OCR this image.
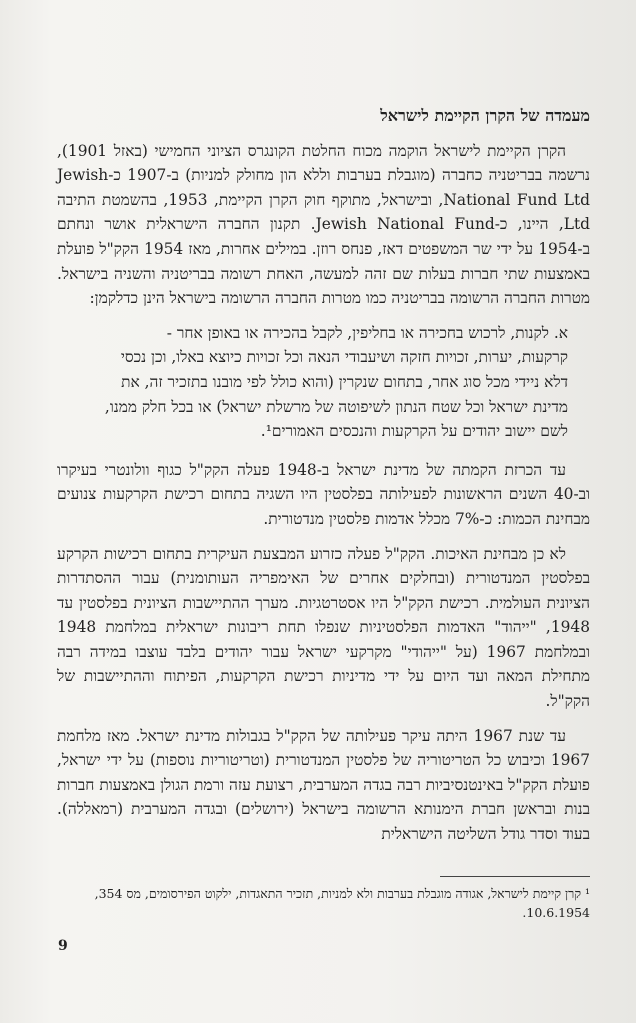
מעמדה של הקרן הקיימת לישראל

הקרן הקיימת לישראל הוקמה מכוח החלטת הקונגרס הציוני החמישי (באזל 1901), נרשמה בבריטניה כחברה (מוגבלת בערבות וללא הון מחולק למניות) ב-1907 כ-Jewish National Fund Ltd, ובישראל, מתוקף חוק הקרן הקיימת, 1953, בהשמטת התיבה Ltd, היינו, כ-Jewish National Fund. תקנון החברה הישראלית אושר ונחתם ב-1954 על ידי שר המשפטים דאז, פנחס רוזן. במילים אחרות, מאז 1954 הקק"ל פועלת באמצעות שתי חברות בעלות שם זהה למעשה, האחת רשומה בבריטניה והשניה בישראל. מטרות החברה הרשומה בבריטניה כמו מטרות החברה הרשומה בישראל הינן כדלקמן:

א. לקנות, לרכוש בחכירה או בחליפין, לקבל בהכירה או באופן אחר -
קרקעות, יערות, זכויות חזקה ושיעבודי הנאה וכל זכויות כיוצא באלו, וכן נכסי
דלא ניידי מכל סוג אחר, בתחום שנקרין (והוא כולל לפי מובנו בתזכיר זה, את
מדינת ישראל וכל שטח הנתון לשיפוטה של מרשלת ישראל) או בכל חלק ממנו,
לשם יישוב יהודים על הקרקעות והנכסים האמורים¹.

עד הכרזת הקמתה של מדינת ישראל ב-1948 פעלה הקק"ל כגוף וולונטרי בעיקרו וב-40 השנים הראשונות לפעילותה בפלסטין היו השגיה בתחום רכישת הקרקעות צנועים מבחינת הכמות: כ-7% מכלל אדמות פלסטין מנדטורית.

לא כן מבחינת האיכות. הקק"ל פעלה כזרוע המבצעת העיקרית בתחום רכישות הקרקע בפלסטין המנדטורית (ובחלקים אחרים של האימפריה העותומנית) עבור ההסתדרות הציונית העולמית. רכישת הקק"ל היו אסטרטגיות. מערך ההתיישבות הציונית בפלסטין עד 1948, "ייהוד" האדמות הפלסטיניות שנפלו תחת ריבונות ישראלית במלחמת 1948 ובמלחמת 1967 (על "ייהודי" מקרקעי ישראל עבור יהודים בלבד עוצבו במידה רבה מתחילת המאה ועד היום על ידי מדיניות רכישת הקרקעות, הפיתוח וההתיישבות של הקק"ל.

עד שנת 1967 היתה עיקר פעילותה של הקק"ל בגבולות מדינת ישראל. מאז מלחמת 1967 וכיבוש כל הטריטוריה של פלסטין המנדטורית (וטריטוריות נוספות) על ידי ישראל, פועלת הקק"ל באינטנסיביות רבה בגדה המערבית, רצועת עזה ורמת הגולן באמצעות חברות בנות ובראשן חברת הימנותא הרשומה בישראל (ירושלים) ובגדה המערבית (רמאללה). בעוד וסדר גודל השליטה הישראלית

¹ קרן קיימת לישראל, אגודה מוגבלת בערבות ולא למניות, תזכיר התאגדות, ילקוט הפירסומים, מס 354, 10.6.1954.
9
